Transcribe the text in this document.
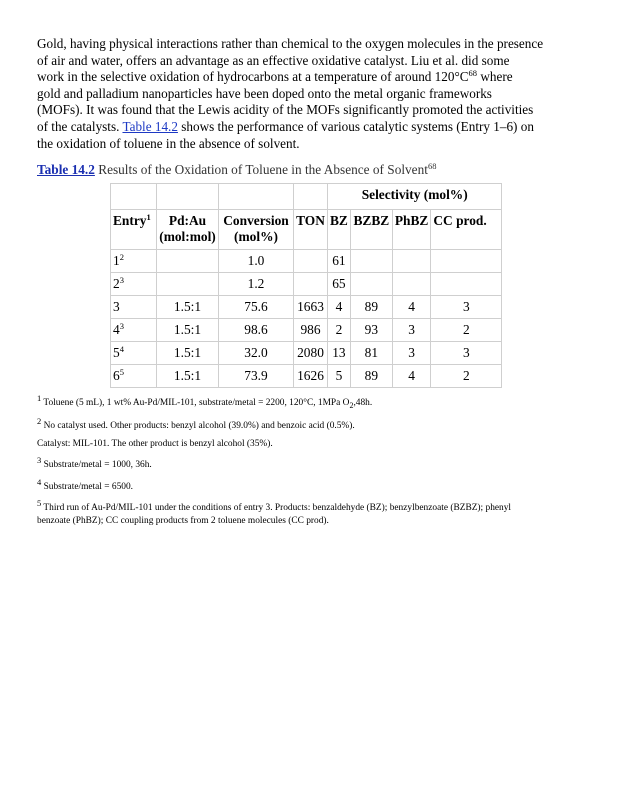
Gold, having physical interactions rather than chemical to the oxygen molecules in the presence

of air and water, offers an advantage as an effective oxidative catalyst. Liu et al. did some

work in the selective oxidation of hydrocarbons at a temperature of around $120^\circ C^{68}$ where

gold and palladium nanoparticles have been doped onto the metal organic frameworks

(MOFs). It was found that the Lewis acidity of the MOFs significantly promoted the activities

of the catalysts. Table 14.2 shows the performance of various catalytic systems (Entry 1–6) on

the oxidation of toluene in the absence of solvent.

Table 14.2 Results of the Oxidation of Toluene in the Absence of Solvent$^{68}$
				Selectivity (mol%)			
Entry$^1$	Pd:Au
(mol:mol)	Conversion
(mol%)	TON	BZ	BZBZ	PhBZ	CC prod.
$1^2$		1.0		61			
$2^3$		1.2		65			
3	1.5:1	75.6	1663	4	89	4	3
$4^3$	1.5:1	98.6	986	2	93	3	2
$5^4$	1.5:1	32.0	2080	13	81	3	3
$6^5$	1.5:1	73.9	1626	5	89	4	2

$^1$ Toluene (5 mL), 1 wt% Au-Pd/MIL-101, substrate/metal = 2200, 120°C, 1MPa $O_2,48h$.

$^2$ No catalyst used. Other products: benzyl alcohol (39.0%) and benzoic acid (0.5%).

Catalyst: MIL-101. The other product is benzyl alcohol (35%).

$^3$ Substrate/metal = 1000, 36h.

$^4$ Substrate/metal = 6500.

$^5$ Third run of Au-Pd/MIL-101 under the conditions of entry 3. Products: benzaldehyde (BZ); benzylbenzoate (BZBZ); phenyl
benzoate (PhBZ); CC coupling products from 2 toluene molecules (CC prod).
